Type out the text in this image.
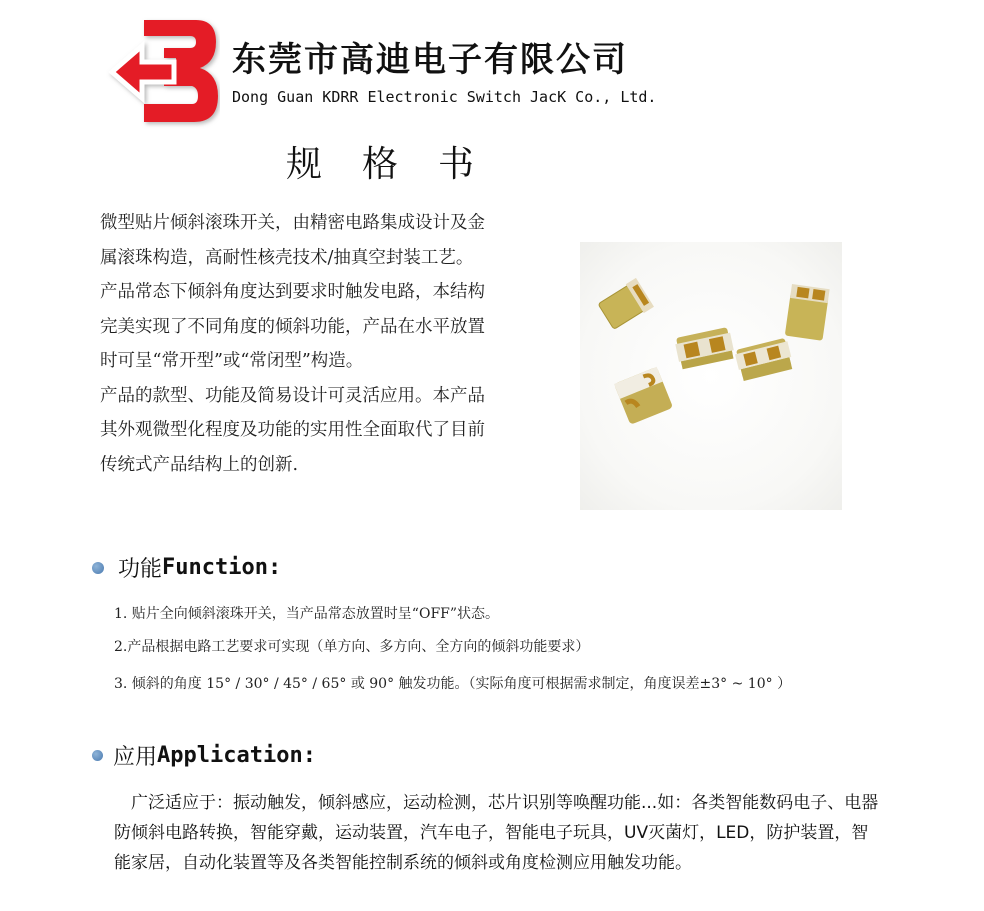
东莞市高迪电子有限公司
Dong Guan KDRR Electronic Switch JacK Co., Ltd.
规格书

微型贴片倾斜滚珠开关，由精密电路集成设计及金属滚珠构造，高耐性核壳技术/抽真空封装工艺。

产品常态下倾斜角度达到要求时触发电路，本结构完美实现了不同角度的倾斜功能，产品在水平放置时可呈“常开型”或“常闭型”构造。

产品的款型、功能及简易设计可灵活应用。本产品其外观微型化程度及功能的实用性全面取代了目前传统式产品结构上的创新.

功能 Function:

1. 贴片全向倾斜滚珠开关，当产品常态放置时呈“OFF”状态。

2.产品根据电路工艺要求可实现（单方向、多方向、全方向的倾斜功能要求）

3. 倾斜的角度 15° / 30° / 45° / 65° 或 90° 触发功能。（实际角度可根据需求制定，角度误差±3° ~ 10° ）

应用 Application:
广泛适应于：振动触发，倾斜感应，运动检测，芯片识别等唤醒功能...如：各类智能数码电子、电器防倾斜电路转换，智能穿戴，运动装置，汽车电子，智能电子玩具，UV灭菌灯，LED，防护装置，智能家居，自动化装置等及各类智能控制系统的倾斜或角度检测应用触发功能。
